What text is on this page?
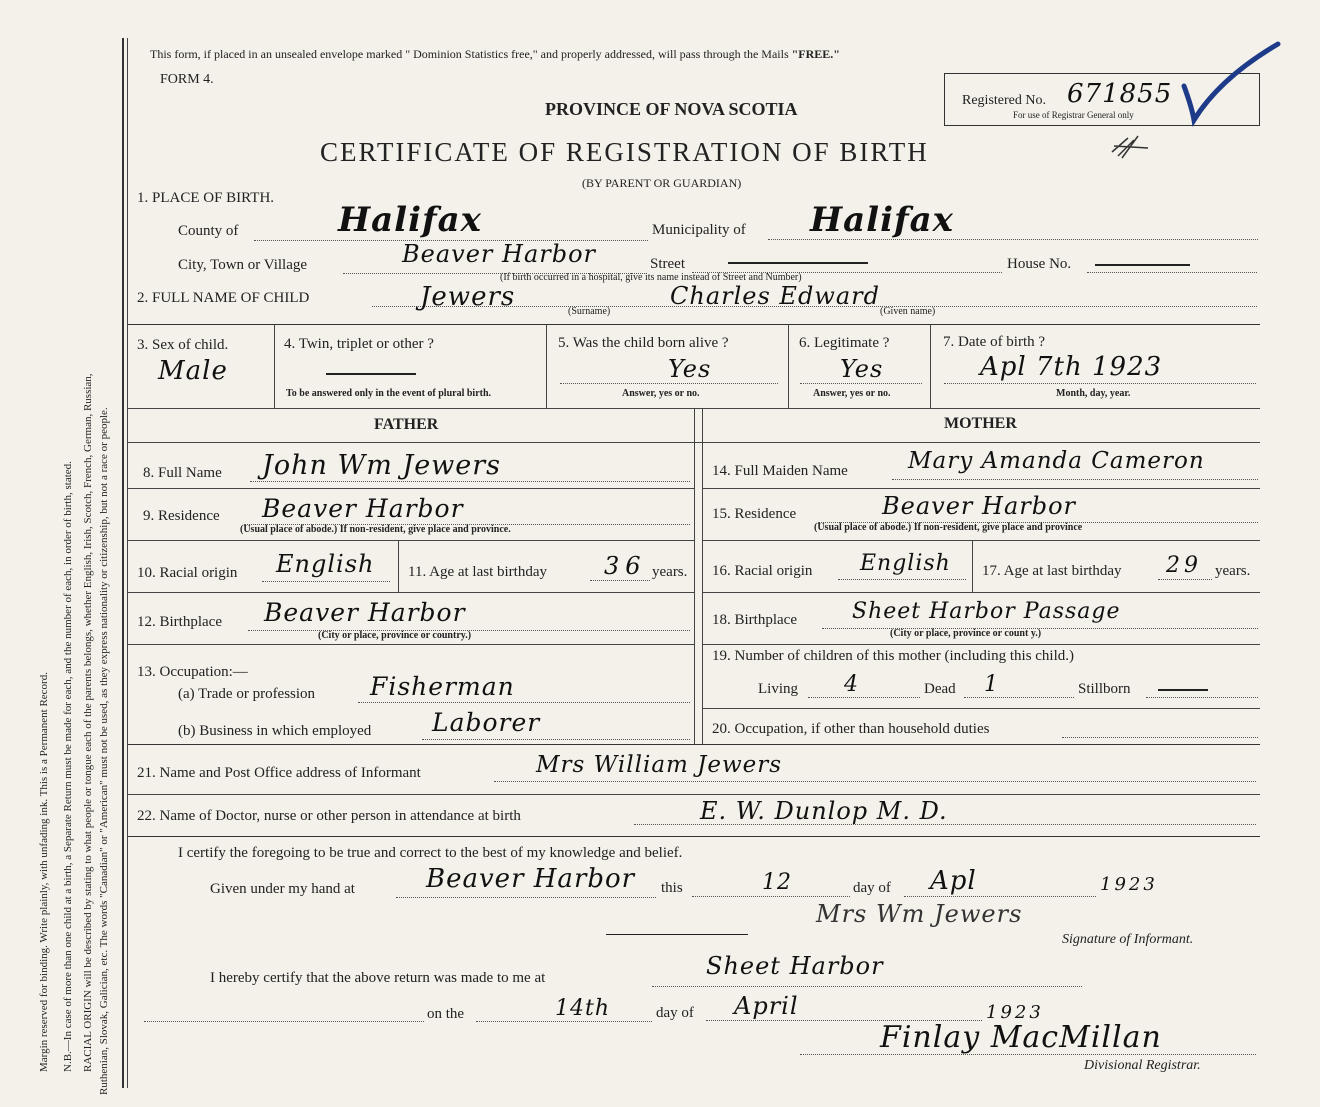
Margin reserved for binding. Write plainly, with unfading ink. This is a Permanent Record. N.B.—In case of more than one child at a birth, a Separate Return must be made for each, and the number of each, in order of birth, stated. RACIAL ORIGIN will be described by stating to what people or tongue each of the parents belongs, whether English, Irish, Scotch, French, German, Russian, Ruthenian, Slovak, Galician, etc. The words "Canadian" or "American" must not be used, as they express nationality or citizenship, but not a race or people.
This form, if placed in an unsealed envelope marked " Dominion Statistics free," and properly addressed, will pass through the Mails "FREE."
FORM 4.
PROVINCE OF NOVA SCOTIA	Registered No. 671855
For use of Registrar General only
CERTIFICATE OF REGISTRATION OF BIRTH
(BY PARENT OR GUARDIAN)
1. PLACE OF BIRTH.
County of	Halifax	Municipality of Halifax
City, Town or Village	Beaver Harbor	Street	House No.
(If birth occurred in a hospital, give its name instead of Street and Number)
2. FULL NAME OF CHILD	Jewers	Charles Edward
(Surname)	(Given name)
3. Sex of child.
Male
4. Twin, triplet or other ?
To be answered only in the event of plural birth.
5. Was the child born alive ?
Yes
Answer, yes or no.
6. Legitimate ?
Yes
Answer, yes or no.
7. Date of birth ?
Apl 7th 1923
Month, day, year.
FATHER	MOTHER
8. Full Name John Wm Jewers
9. Residence Beaver Harbor
(Usual place of abode.) If non-resident, give place and province.
10. Racial origin English 11. Age at last birthday 36 years.
12. Birthplace Beaver Harbor
(City or place, province or country.)
13. Occupation:—
(a) Trade or profession Fisherman
(b) Business in which employed Laborer
14. Full Maiden Name	Mary Amanda Cameron
15. Residence	Beaver Harbor
(Usual place of abode.) If non-resident, give place and province
16. Racial origin English 17. Age at last birthday 29 years.
18. Birthplace	Sheet Harbor Passage
(City or place, province or count y.)
19. Number of children of this mother (including this child.)
Living 4	Dead 1	Stillborn
20. Occupation, if other than household duties
21. Name and Post Office address of Informant	Mrs William Jewers
22. Name of Doctor, nurse or other person in attendance at birth	E. W. Dunlop M. D.
I certify the foregoing to be true and correct to the best of my knowledge and belief.
Given under my hand at	Beaver Harbor this	12	day of Apl	1923
Mrs Wm Jewers
Signature of Informant.
I hereby certify that the above return was made to me at	Sheet Harbor
on the	14th	day of April	1923
Finlay MacMillan
Divisional Registrar.
